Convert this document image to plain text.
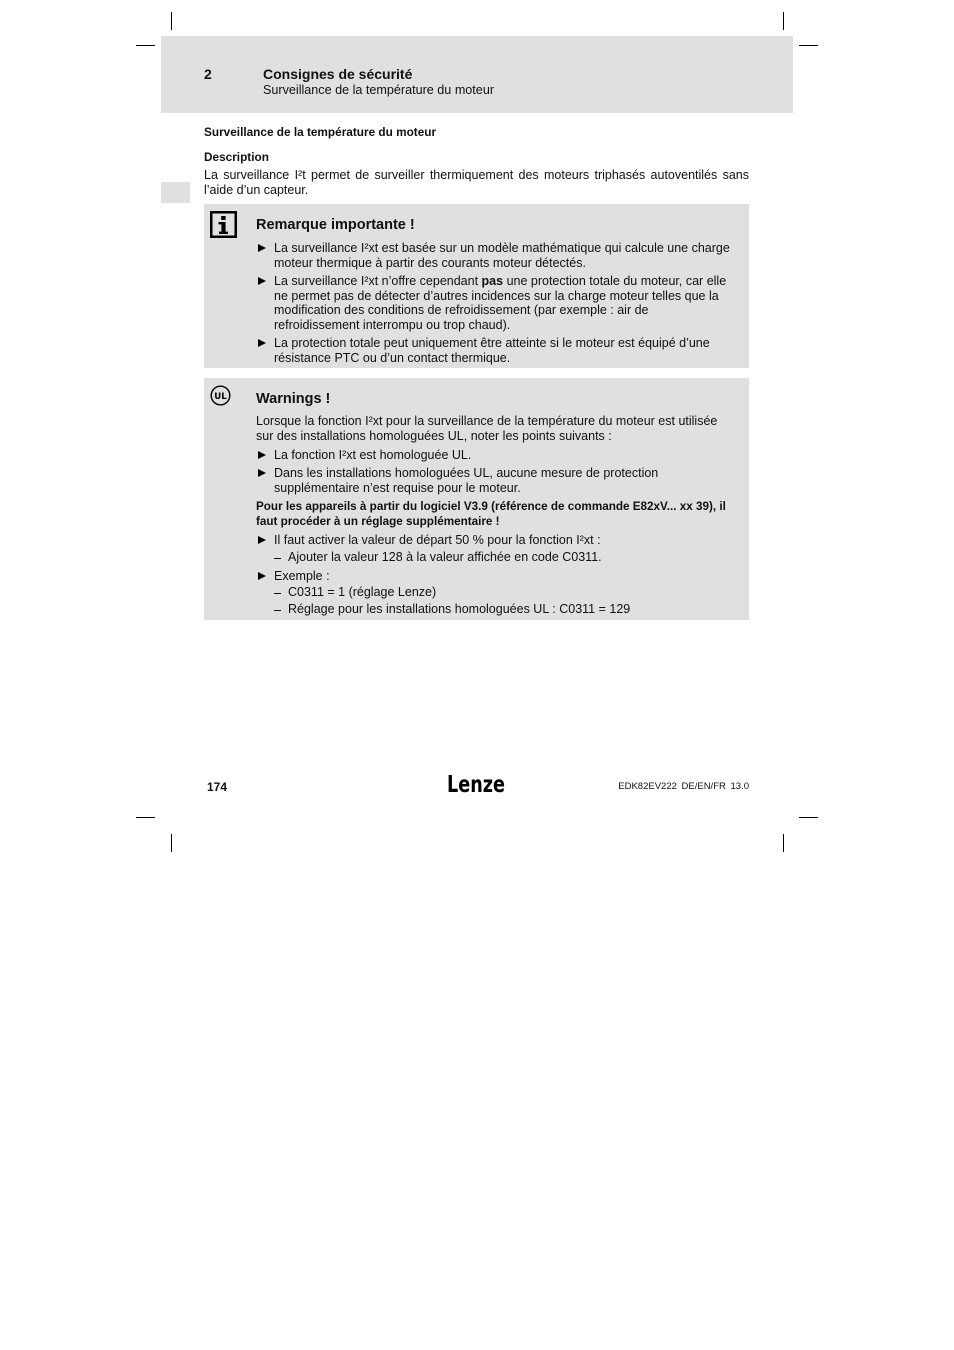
2	Consignes de sécurité
Surveillance de la température du moteur
Surveillance de la température du moteur
Description
La surveillance I²t permet de surveiller thermiquement des moteurs triphasés autoventilés sans
l’aide d’un capteur.
Remarque importante !
La surveillance I²xt est basée sur un modèle mathématique qui calcule une charge
moteur thermique à partir des courants moteur détectés.
La surveillance I²xt n’offre cependant pas une protection totale du moteur, car elle
ne permet pas de détecter d’autres incidences sur la charge moteur telles que la
modification des conditions de refroidissement (par exemple : air de
refroidissement interrompu ou trop chaud).
La protection totale peut uniquement être atteinte si le moteur est équipé d’une
résistance PTC ou d’un contact thermique.
UL Warnings !
Lorsque la fonction I²xt pour la surveillance de la température du moteur est utilisée
sur des installations homologuées UL, noter les points suivants :
La fonction I²xt est homologuée UL.
Dans les installations homologuées UL, aucune mesure de protection
supplémentaire n’est requise pour le moteur.
Pour les appareils à partir du logiciel V3.9 (référence de commande E82xV... xx 39), il
faut procéder à un réglage supplémentaire !
Il faut activer la valeur de départ 50 % pour la fonction I²xt :
Ajouter la valeur 128 à la valeur affichée en code C0311.
Exemple :
C0311 = 1 (réglage Lenze)
Réglage pour les installations homologuées UL : C0311 = 129
174	Lenze	EDK82EV222 DE/EN/FR 13.0
